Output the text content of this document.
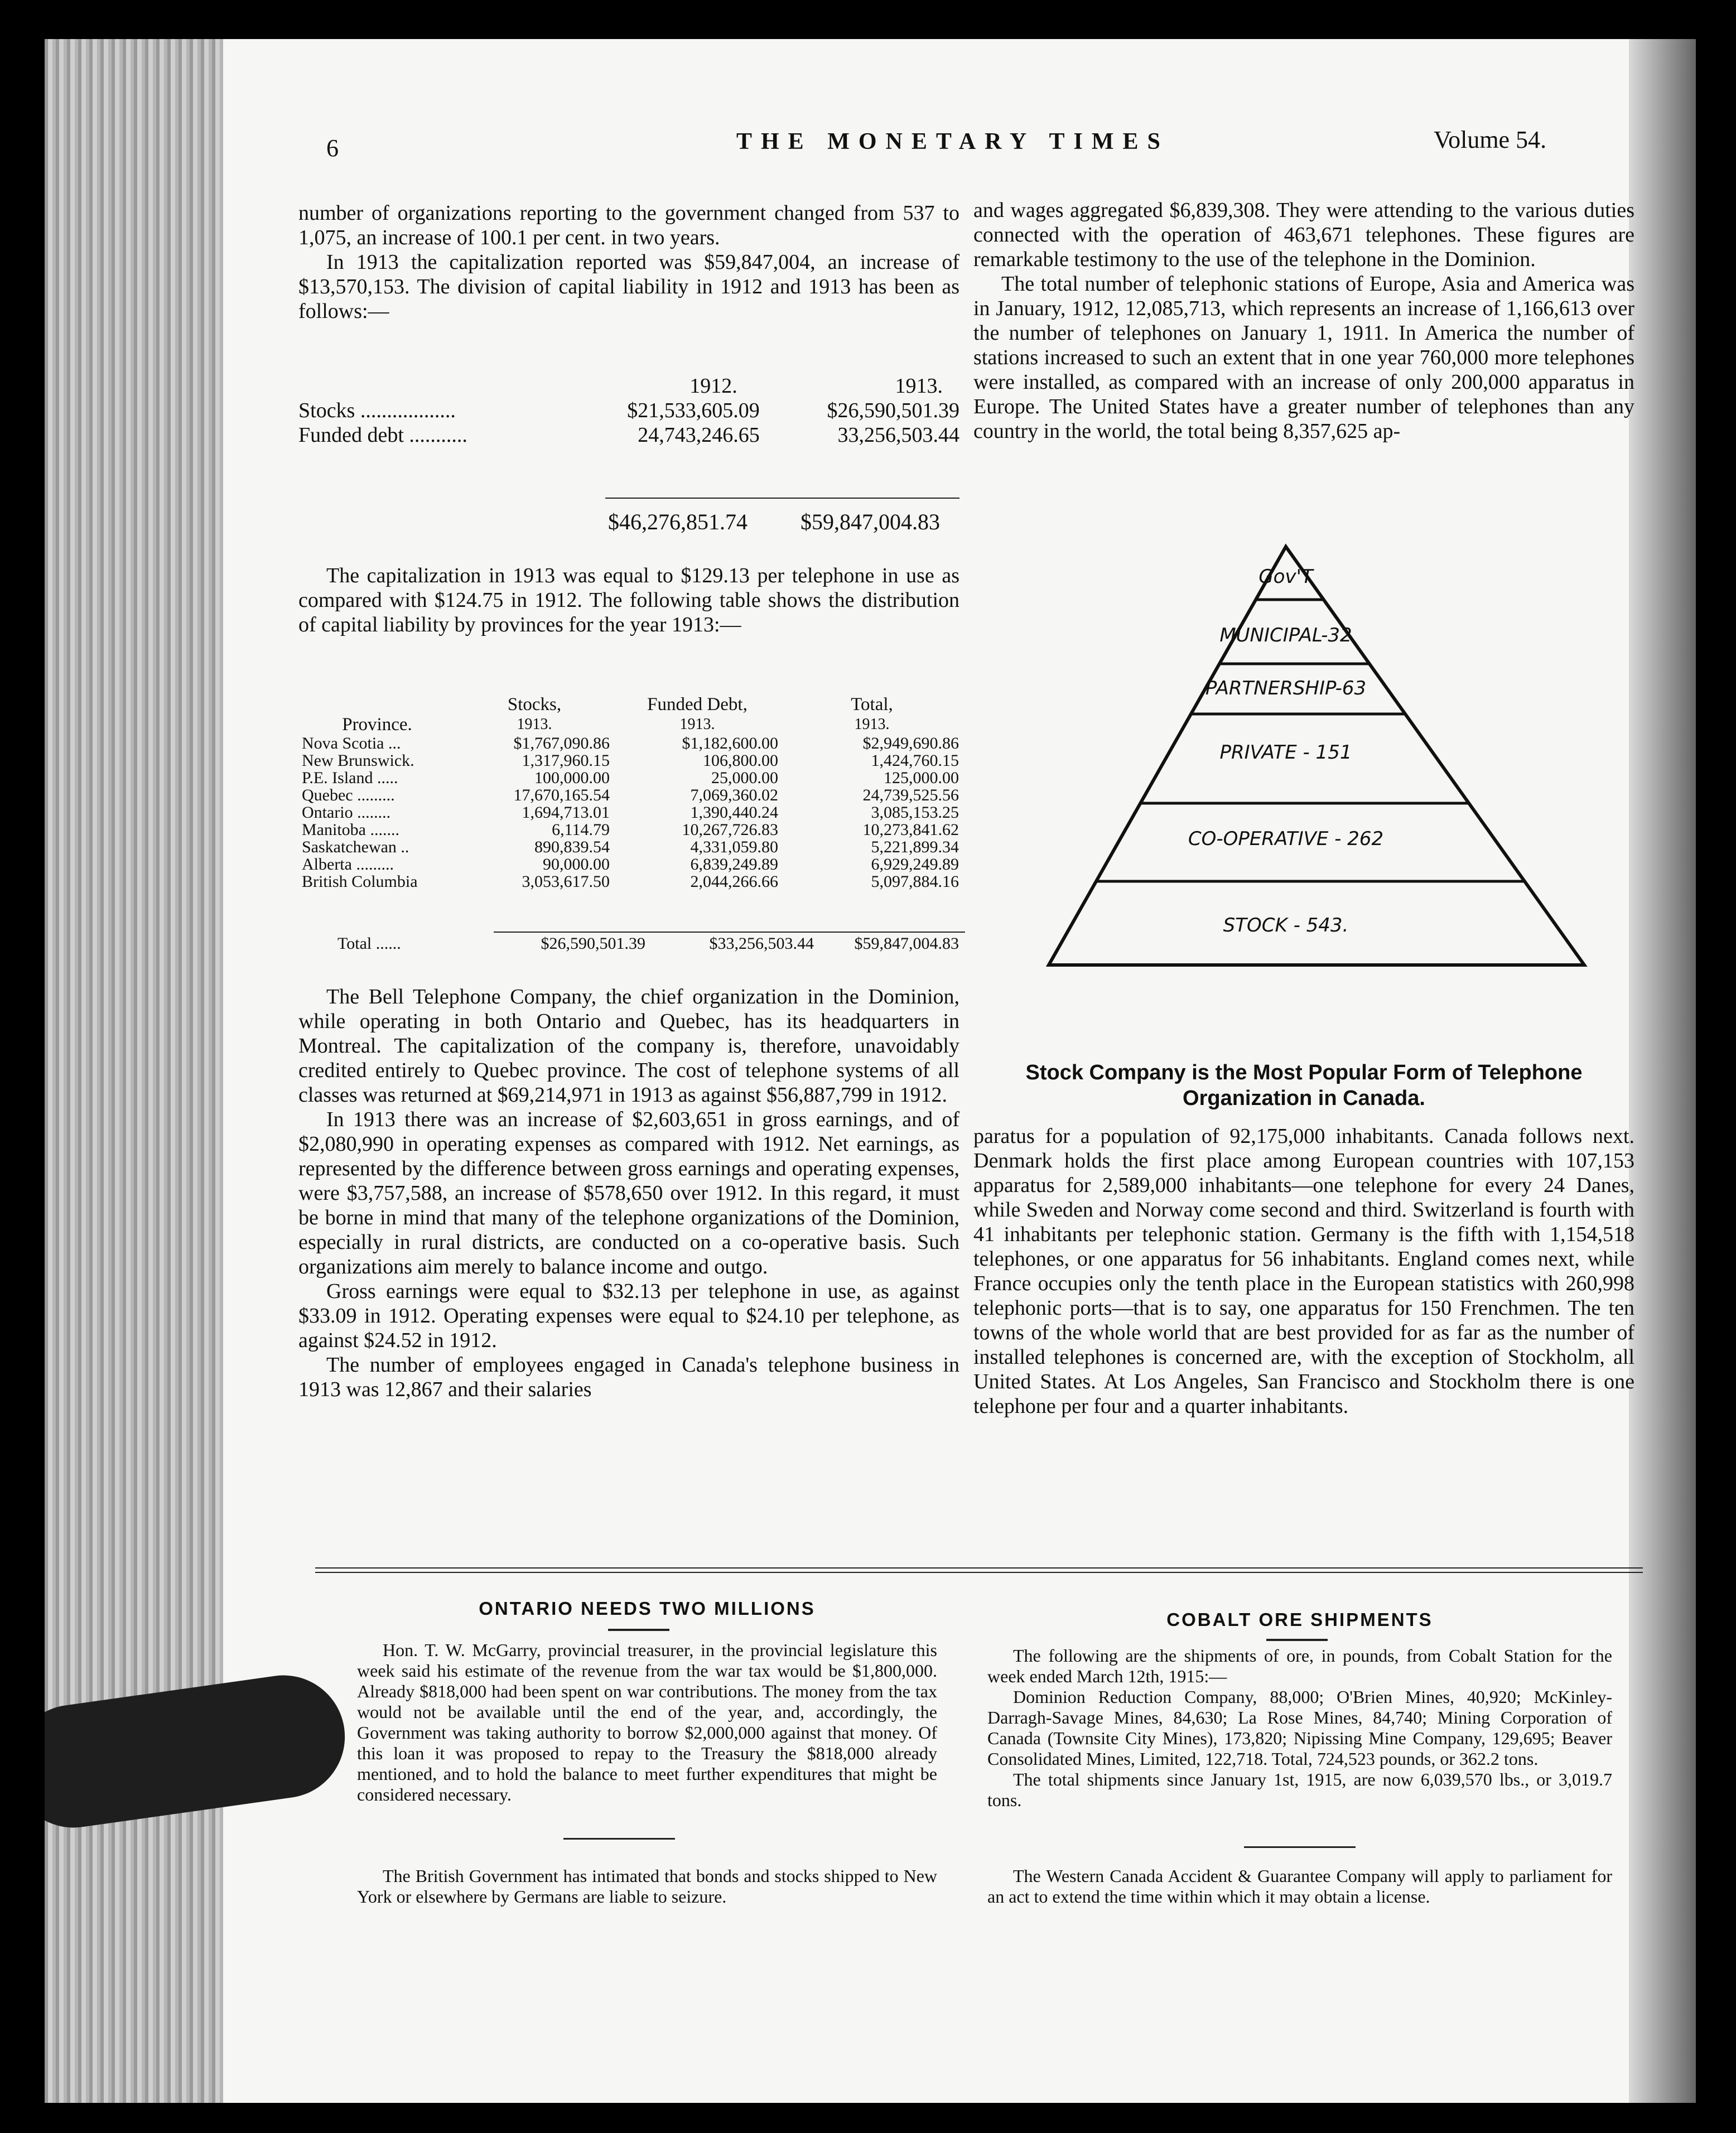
6	THE MONETARY TIMES	Volume 54.

number of organizations reporting to the government changed from 537 to 1,075, an increase of 100.1 per cent. in two years.

In 1913 the capitalization reported was $59,847,004, an increase of $13,570,153. The division of capital liability in 1912 and 1913 has been as follows:—

	1912.	1913.
Stocks ..................	$21,533,605.09	$26,590,501.39
Funded debt ...........	24,743,246.65	33,256,503.44
$46,276,851.74 $59,847,004.83

The capitalization in 1913 was equal to $129.13 per telephone in use as compared with $124.75 in 1912. The following table shows the distribution of capital liability by provinces for the year 1913:—

	Stocks,	Funded Debt,	Total,
Province.	1913.	1913.	1913.
Nova Scotia ...	$1,767,090.86	$1,182,600.00	$2,949,690.86
New Brunswick.	1,317,960.15	106,800.00	1,424,760.15
P.E. Island .....	100,000.00	25,000.00	125,000.00
Quebec .........	17,670,165.54	7,069,360.02	24,739,525.56
Ontario ........	1,694,713.01	1,390,440.24	3,085,153.25
Manitoba .......	6,114.79	10,267,726.83	10,273,841.62
Saskatchewan ..	890,839.54	4,331,059.80	5,221,899.34
Alberta .........	90,000.00	6,839,249.89	6,929,249.89
British Columbia	3,053,617.50	2,044,266.66	5,097,884.16
Total ......	$26,590,501.39	$33,256,503.44	$59,847,004.83

The Bell Telephone Company, the chief organization in the Dominion, while operating in both Ontario and Quebec, has its headquarters in Montreal. The capitalization of the company is, therefore, unavoidably credited entirely to Quebec province. The cost of telephone systems of all classes was returned at $69,214,971 in 1913 as against $56,887,799 in 1912.

In 1913 there was an increase of $2,603,651 in gross earnings, and of $2,080,990 in operating expenses as compared with 1912. Net earnings, as represented by the difference between gross earnings and operating expenses, were $3,757,588, an increase of $578,650 over 1912. In this regard, it must be borne in mind that many of the telephone organizations of the Dominion, especially in rural districts, are conducted on a co-operative basis. Such organizations aim merely to balance income and outgo.

Gross earnings were equal to $32.13 per telephone in use, as against $33.09 in 1912. Operating expenses were equal to $24.10 per telephone, as against $24.52 in 1912.

The number of employees engaged in Canada's telephone business in 1913 was 12,867 and their salaries

and wages aggregated $6,839,308. They were attending to the various duties connected with the operation of 463,671 telephones. These figures are remarkable testimony to the use of the telephone in the Dominion.

The total number of telephonic stations of Europe, Asia and America was in January, 1912, 12,085,713, which represents an increase of 1,166,613 over the number of telephones on January 1, 1911. In America the number of stations increased to such an extent that in one year 760,000 more telephones were installed, as compared with an increase of only 200,000 apparatus in Europe. The United States have a greater number of telephones than any country in the world, the total being 8,357,625 ap-

Gov'T
MUNICIPAL-32
PARTNERSHIP-63
PRIVATE - 151
CO-OPERATIVE - 262
STOCK - 543.
Stock Company is the Most Popular Form of Telephone
Organization in Canada.

paratus for a population of 92,175,000 inhabitants. Canada follows next. Denmark holds the first place among European countries with 107,153 apparatus for 2,589,000 inhabitants—one telephone for every 24 Danes, while Sweden and Norway come second and third. Switzerland is fourth with 41 inhabitants per telephonic station. Germany is the fifth with 1,154,518 telephones, or one apparatus for 56 inhabitants. England comes next, while France occupies only the tenth place in the European statistics with 260,998 telephonic ports—that is to say, one apparatus for 150 Frenchmen. The ten towns of the whole world that are best provided for as far as the number of installed telephones is concerned are, with the exception of Stockholm, all United States. At Los Angeles, San Francisco and Stockholm there is one telephone per four and a quarter inhabitants.

ONTARIO NEEDS TWO MILLIONS

Hon. T. W. McGarry, provincial treasurer, in the provincial legislature this week said his estimate of the revenue from the war tax would be $1,800,000. Already $818,000 had been spent on war contributions. The money from the tax would not be available until the end of the year, and, accordingly, the Government was taking authority to borrow $2,000,000 against that money. Of this loan it was proposed to repay to the Treasury the $818,000 already mentioned, and to hold the balance to meet further expenditures that might be considered necessary.

The British Government has intimated that bonds and stocks shipped to New York or elsewhere by Germans are liable to seizure.

COBALT ORE SHIPMENTS

The following are the shipments of ore, in pounds, from Cobalt Station for the week ended March 12th, 1915:—

Dominion Reduction Company, 88,000; O'Brien Mines, 40,920; McKinley-Darragh-Savage Mines, 84,630; La Rose Mines, 84,740; Mining Corporation of Canada (Townsite City Mines), 173,820; Nipissing Mine Company, 129,695; Beaver Consolidated Mines, Limited, 122,718. Total, 724,523 pounds, or 362.2 tons.

The total shipments since January 1st, 1915, are now 6,039,570 lbs., or 3,019.7 tons.

The Western Canada Accident & Guarantee Company will apply to parliament for an act to extend the time within which it may obtain a license.
